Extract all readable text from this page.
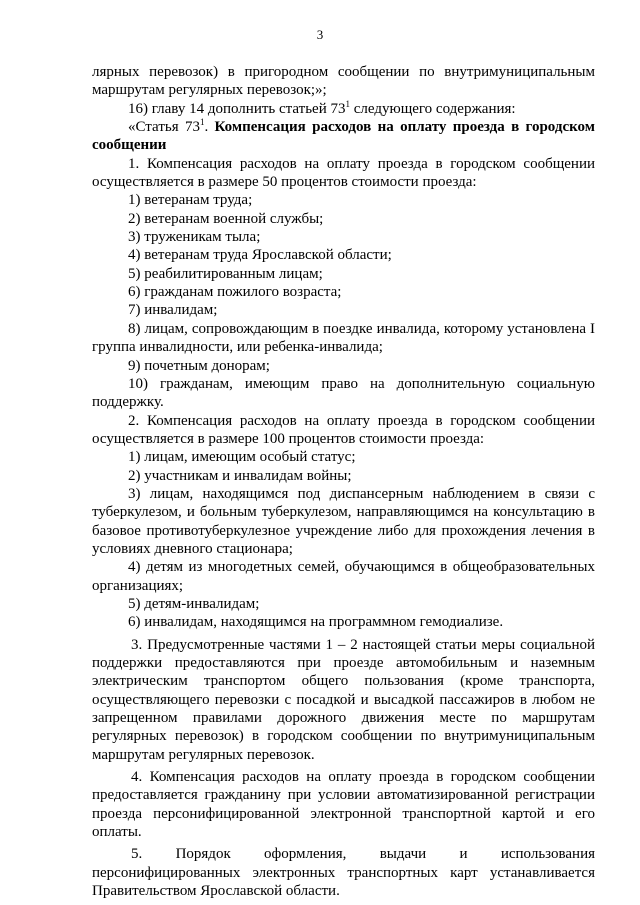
3

лярных перевозок) в пригородном сообщении по внутримуниципальным маршрутам регулярных перевозок;»;

16) главу 14 дополнить статьей $73^1$ следующего содержания:

«Статья $73^1$. Компенсация расходов на оплату проезда в городском сообщении

1. Компенсация расходов на оплату проезда в городском сообщении осуществляется в размере 50 процентов стоимости проезда:

1) ветеранам труда;

2) ветеранам военной службы;

3) труженикам тыла;

4) ветеранам труда Ярославской области;

5) реабилитированным лицам;

6) гражданам пожилого возраста;

7) инвалидам;

8) лицам, сопровождающим в поездке инвалида, которому установлена I группа инвалидности, или ребенка-инвалида;

9) почетным донорам;

10) гражданам, имеющим право на дополнительную социальную поддержку.

2. Компенсация расходов на оплату проезда в городском сообщении осуществляется в размере 100 процентов стоимости проезда:

1) лицам, имеющим особый статус;

2) участникам и инвалидам войны;

3) лицам, находящимся под диспансерным наблюдением в связи с туберкулезом, и больным туберкулезом, направляющимся на консультацию в базовое противотуберкулезное учреждение либо для прохождения лечения в условиях дневного стационара;

4) детям из многодетных семей, обучающимся в общеобразовательных организациях;

5) детям-инвалидам;

6) инвалидам, находящимся на программном гемодиализе.

3. Предусмотренные частями 1 – 2 настоящей статьи меры социальной поддержки предоставляются при проезде автомобильным и наземным электрическим транспортом общего пользования (кроме транспорта, осуществляющего перевозки с посадкой и высадкой пассажиров в любом не запрещенном правилами дорожного движения месте по маршрутам регулярных перевозок) в городском сообщении по внутримуниципальным маршрутам регулярных перевозок.

4. Компенсация расходов на оплату проезда в городском сообщении предоставляется гражданину при условии автоматизированной регистрации проезда персонифицированной электронной транспортной картой и его оплаты.

5. Порядок оформления, выдачи и использования персонифицированных электронных транспортных карт устанавливается Правительством Ярославской области.
